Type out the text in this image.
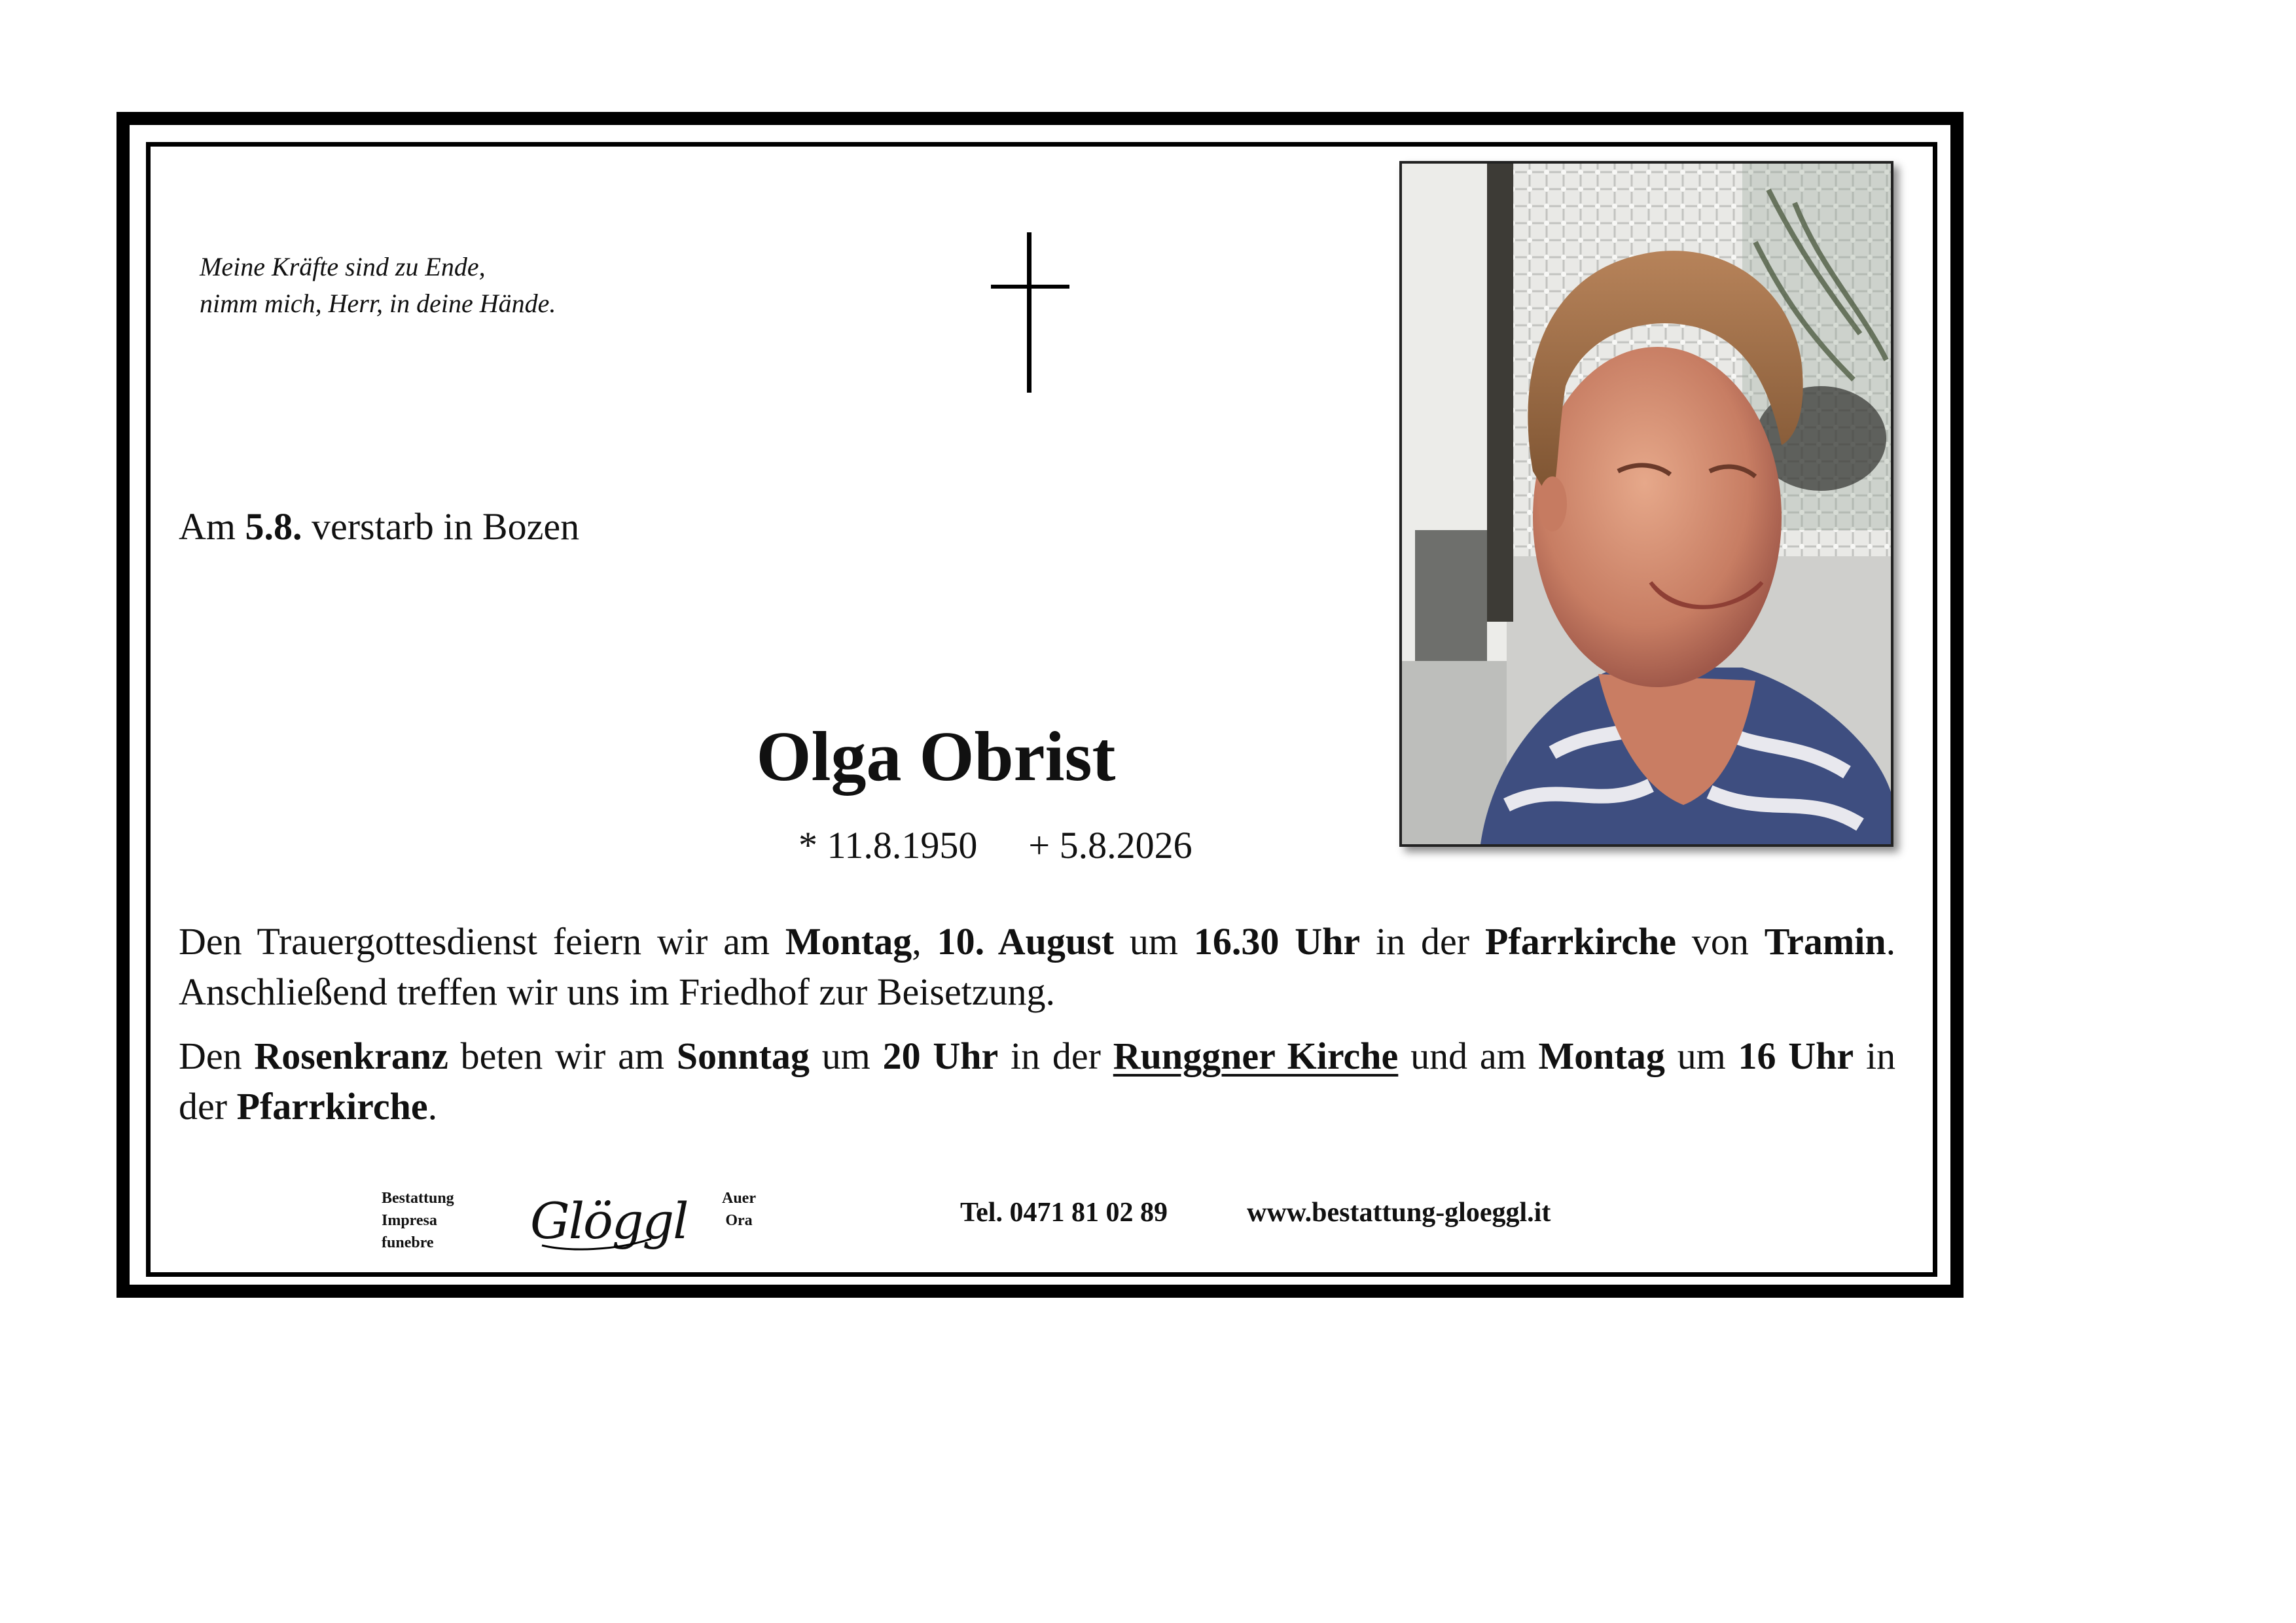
Meine Kräfte sind zu Ende,
nimm mich, Herr, in deine Hände.
Am 5.8. verstarb in Bozen
Olga Obrist
* 11.8.1950 + 5.8.2026
Den Trauergottesdienst feiern wir am Montag, 10. August um 16.30 Uhr in der Pfarrkirche von Tramin. Anschließend treffen wir uns im Friedhof zur Beisetzung.
Den Rosenkranz beten wir am Sonntag um 20 Uhr in der Runggner Kirche und am Montag um 16 Uhr in der Pfarrkirche.
Bestattung
Impresa
funebre	Glöggl Auer
Ora	Tel. 0471 81 02 89	www.bestattung-gloeggl.it
